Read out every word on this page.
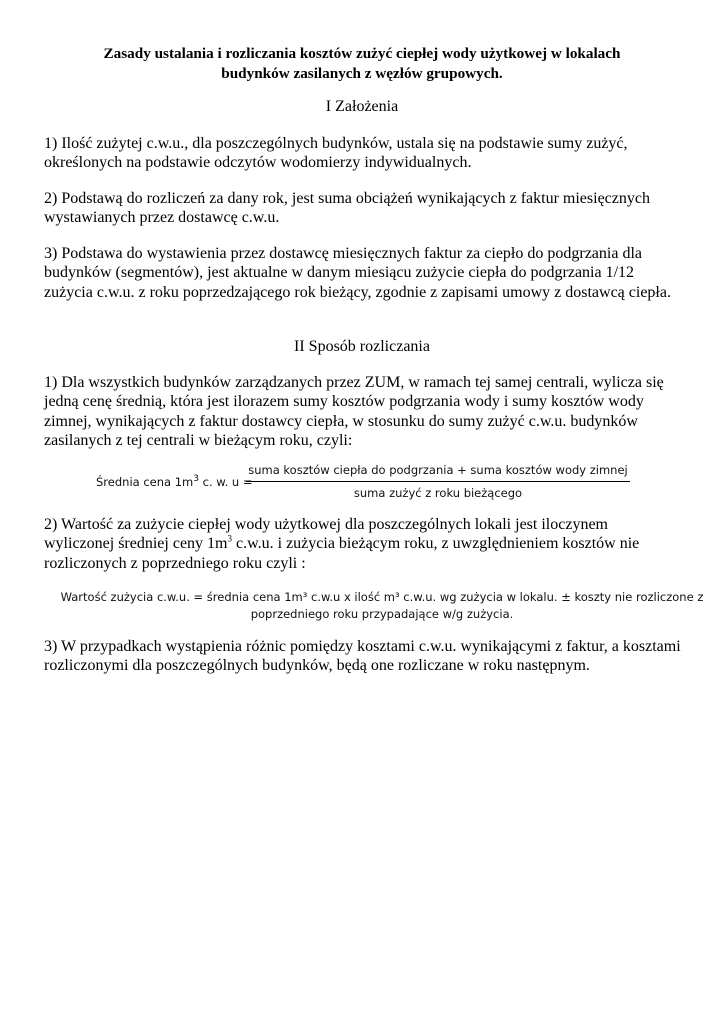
Zasady ustalania i rozliczania kosztów zużyć ciepłej wody użytkowej w lokalach
budynków zasilanych z węzłów grupowych.
I Założenia
1) Ilość zużytej c.w.u., dla poszczególnych budynków, ustala się na podstawie sumy zużyć, określonych na podstawie odczytów wodomierzy indywidualnych.
2) Podstawą do rozliczeń za dany rok, jest suma obciążeń wynikających z faktur miesięcznych wystawianych przez dostawcę c.w.u.
3) Podstawa do wystawienia przez dostawcę miesięcznych faktur za ciepło do podgrzania dla budynków (segmentów), jest aktualne w danym miesiącu zużycie ciepła do podgrzania 1/12 zużycia c.w.u. z roku poprzedzającego rok bieżący, zgodnie z zapisami umowy z dostawcą ciepła.
II Sposób rozliczania
1) Dla wszystkich budynków zarządzanych przez ZUM, w ramach tej samej centrali, wylicza się jedną cenę średnią, która jest ilorazem sumy kosztów podgrzania wody i sumy kosztów wody zimnej, wynikających z faktur dostawcy ciepła, w stosunku do sumy zużyć c.w.u. budynków zasilanych z tej centrali w bieżącym roku, czyli:
Średnia cena $1m^3$ c. w. u =
suma kosztów ciepła do podgrzania + suma kosztów wody zimnej
suma zużyć z roku bieżącego
2) Wartość za zużycie ciepłej wody użytkowej dla poszczególnych lokali jest iloczynem wyliczonej średniej ceny $1m^3$ c.w.u. i zużycia bieżącym roku, z uwzględnieniem kosztów nie rozliczonych z poprzedniego roku czyli :
Wartość zużycia c.w.u. = średnia cena 1m³ c.w.u x ilość m³ c.w.u. wg zużycia w lokalu. ± koszty nie rozliczone z
poprzedniego roku przypadające w/g zużycia.
3) W przypadkach wystąpienia różnic pomiędzy kosztami c.w.u. wynikającymi z faktur, a kosztami rozliczonymi dla poszczególnych budynków, będą one rozliczane w roku następnym.
